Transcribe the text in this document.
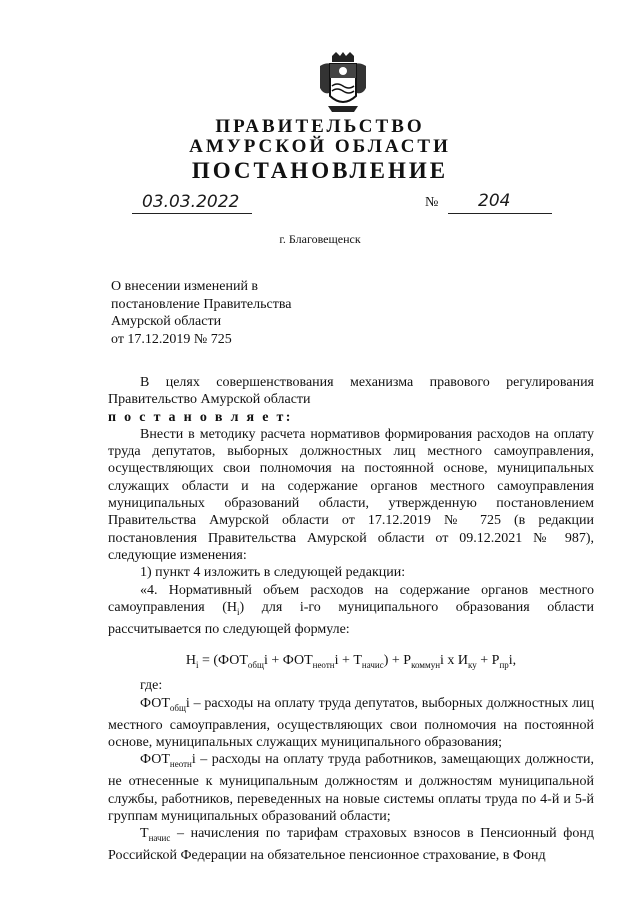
ПРАВИТЕЛЬСТВО
АМУРСКОЙ ОБЛАСТИ
ПОСТАНОВЛЕНИЕ
03.03.2022	№ 204
г. Благовещенск
О внесении изменений в
постановление Правительства
Амурской области
от 17.12.2019 № 725

В целях совершенствования механизма правового регулирования Правительство Амурской области

п о с т а н о в л я е т:

Внести в методику расчета нормативов формирования расходов на оплату труда депутатов, выборных должностных лиц местного самоуправления, осуществляющих свои полномочия на постоянной основе, муниципальных служащих области и на содержание органов местного самоуправления муниципальных образований области, утвержденную постановлением Правительства Амурской области от 17.12.2019 № 725 (в редакции постановления Правительства Амурской области от 09.12.2021 № 987), следующие изменения:

1) пункт 4 изложить в следующей редакции:

«4. Нормативный объем расходов на содержание органов местного самоуправления $(Н_i)$ для i-го муниципального образования области рассчитывается по следующей формуле:

$Н_i = (ФОТ_{общ}i + ФОТ_{неотн}i + Т_{начис}) + Р_{коммун}i$ х $И_{ку} + Р_{пр}i$,

где:

$ФОТ_{общ}i$ – расходы на оплату труда депутатов, выборных должностных лиц местного самоуправления, осуществляющих свои полномочия на постоянной основе, муниципальных служащих муниципального образования;

$ФОТ_{неотн}i$ – расходы на оплату труда работников, замещающих должности, не отнесенные к муниципальным должностям и должностям муниципальной службы, работников, переведенных на новые системы оплаты труда по 4-й и 5-й группам муниципальных образований области;

$Т_{начис}$ – начисления по тарифам страховых взносов в Пенсионный фонд Российской Федерации на обязательное пенсионное страхование, в Фонд
